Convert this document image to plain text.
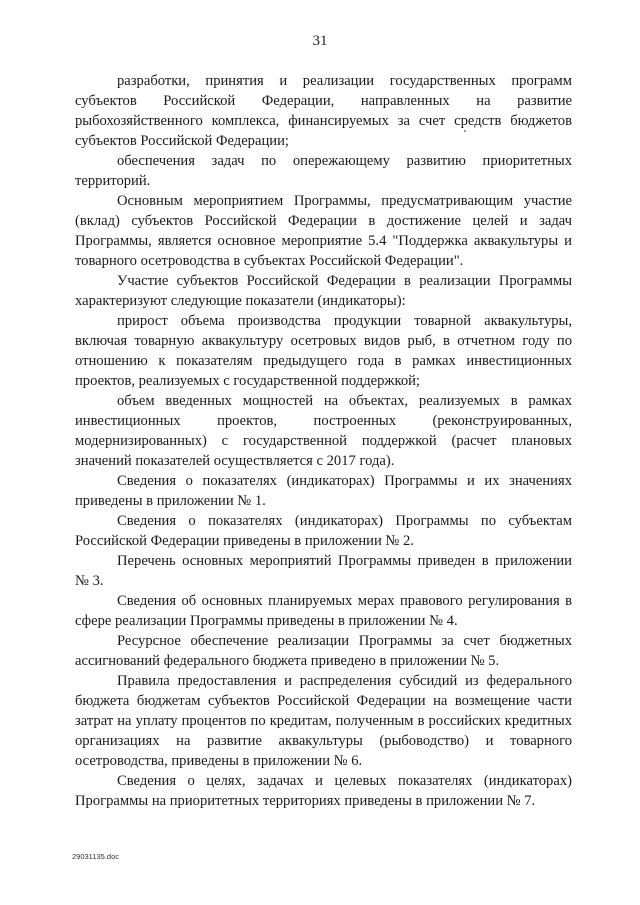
31

разработки, принятия и реализации государственных программ субъектов Российской Федерации, направленных на развитие рыбохозяйственного комплекса, финансируемых за счет средств бюджетов субъектов Российской Федерации;

обеспечения задач по опережающему развитию приоритетных территорий.

Основным мероприятием Программы, предусматривающим участие (вклад) субъектов Российской Федерации в достижение целей и задач Программы, является основное мероприятие 5.4 "Поддержка аквакультуры и товарного осетроводства в субъектах Российской Федерации".

Участие субъектов Российской Федерации в реализации Программы характеризуют следующие показатели (индикаторы):

прирост объема производства продукции товарной аквакультуры, включая товарную аквакультуру осетровых видов рыб, в отчетном году по отношению к показателям предыдущего года в рамках инвестиционных проектов, реализуемых с государственной поддержкой;

объем введенных мощностей на объектах, реализуемых в рамках инвестиционных проектов, построенных (реконструированных, модернизированных) с государственной поддержкой (расчет плановых значений показателей осуществляется с 2017 года).

Сведения о показателях (индикаторах) Программы и их значениях приведены в приложении № 1.

Сведения о показателях (индикаторах) Программы по субъектам Российской Федерации приведены в приложении № 2.

Перечень основных мероприятий Программы приведен в приложении № 3.

Сведения об основных планируемых мерах правового регулирования в сфере реализации Программы приведены в приложении № 4.

Ресурсное обеспечение реализации Программы за счет бюджетных ассигнований федерального бюджета приведено в приложении № 5.

Правила предоставления и распределения субсидий из федерального бюджета бюджетам субъектов Российской Федерации на возмещение части затрат на уплату процентов по кредитам, полученным в российских кредитных организациях на развитие аквакультуры (рыбоводство) и товарного осетроводства, приведены в приложении № 6.

Сведения о целях, задачах и целевых показателях (индикаторах) Программы на приоритетных территориях приведены в приложении № 7.

29031135.doc
